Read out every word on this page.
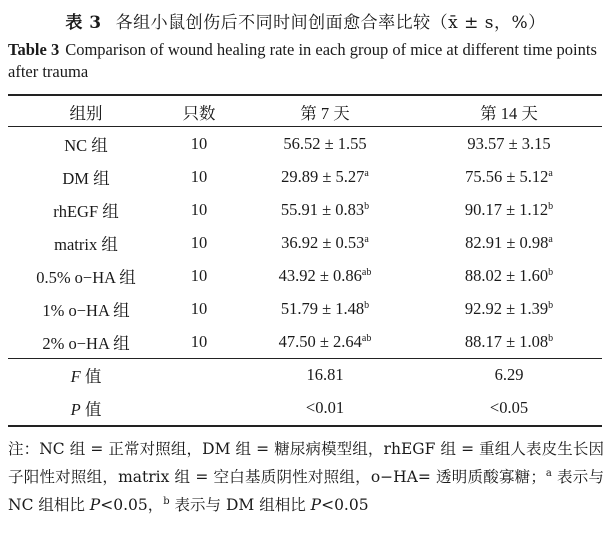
表 3 各组小鼠创伤后不同时间创面愈合率比较（x̄ ± s，%）
Table 3 Comparison of wound healing rate in each group of mice at different time points after trauma
组别	只数	第 7 天	第 14 天
NC 组	10	56.52 ± 1.55	93.57 ± 3.15
DM 组	10	29.89 ± 5.27$^a$	75.56 ± 5.12$^a$
rhEGF 组	10	55.91 ± 0.83$^b$	90.17 ± 1.12$^b$
matrix 组	10	36.92 ± 0.53$^a$	82.91 ± 0.98$^a$
0.5% o−HA 组	10	43.92 ± 0.86$^{ab}$	88.02 ± 1.60$^b$
1% o−HA 组	10	51.79 ± 1.48$^b$	92.92 ± 1.39$^b$
2% o−HA 组	10	47.50 ± 2.64$^{ab}$	88.17 ± 1.08$^b$
F 值		16.81	6.29
P 值		<0.01	<0.05
注：NC 组 = 正常对照组，DM 组 = 糖尿病模型组，rhEGF 组 = 重组人表皮生长因子阳性对照组，matrix 组 = 空白基质阴性对照组，o−HA= 透明质酸寡糖；$^a$ 表示与 NC 组相比 P<0.05，$^b$ 表示与 DM 组相比 P<0.05
